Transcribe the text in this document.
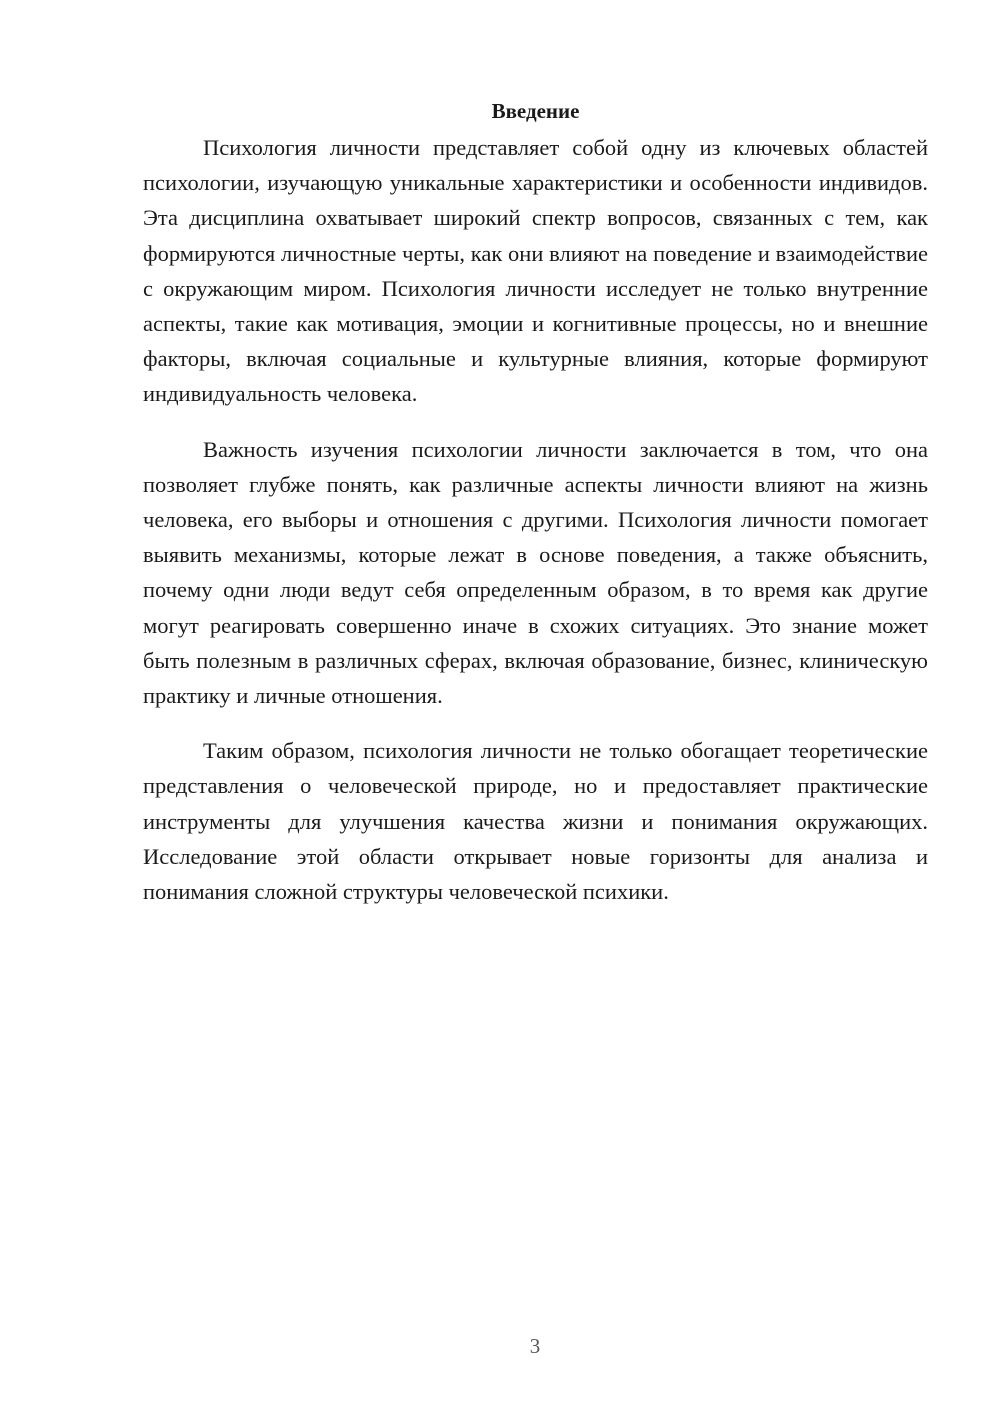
Введение

Психология личности представляет собой одну из ключевых областей психологии, изучающую уникальные характеристики и особенности индивидов. Эта дисциплина охватывает широкий спектр вопросов, связанных с тем, как формируются личностные черты, как они влияют на поведение и взаимодействие с окружающим миром. Психология личности исследует не только внутренние аспекты, такие как мотивация, эмоции и когнитивные процессы, но и внешние факторы, включая социальные и культурные влияния, которые формируют индивидуальность человека.

Важность изучения психологии личности заключается в том, что она позволяет глубже понять, как различные аспекты личности влияют на жизнь человека, его выборы и отношения с другими. Психология личности помогает выявить механизмы, которые лежат в основе поведения, а также объяснить, почему одни люди ведут себя определенным образом, в то время как другие могут реагировать совершенно иначе в схожих ситуациях. Это знание может быть полезным в различных сферах, включая образование, бизнес, клиническую практику и личные отношения.

Таким образом, психология личности не только обогащает теоретические представления о человеческой природе, но и предоставляет практические инструменты для улучшения качества жизни и понимания окружающих. Исследование этой области открывает новые горизонты для анализа и понимания сложной структуры человеческой психики.

3
